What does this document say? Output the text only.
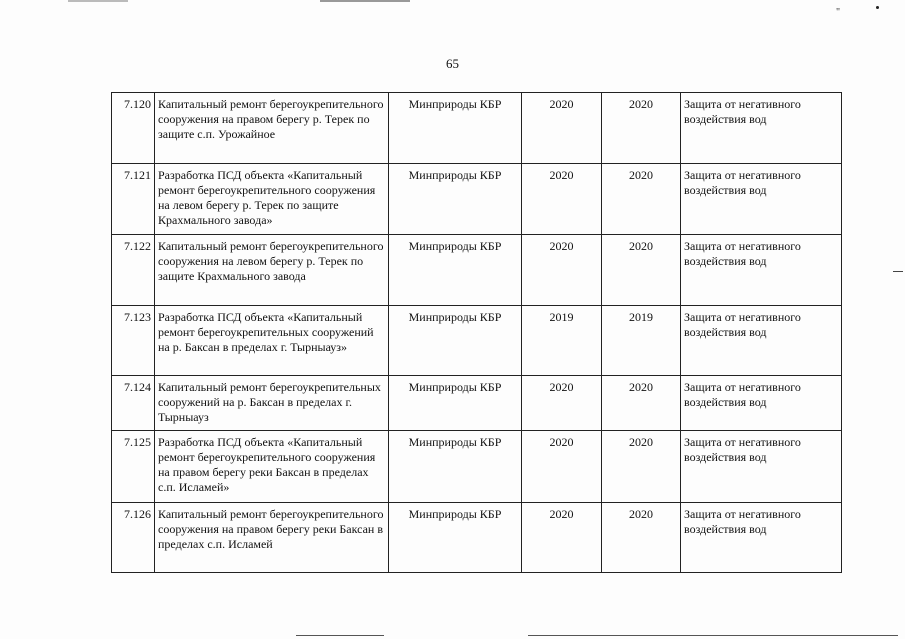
"
65
7.120	Капитальный ремонт берегоукрепительного сооружения на правом берегу р. Терек по защите с.п. Урожайное	Минприроды КБР	2020	2020	Защита от негативного воздействия вод
7.121	Разработка ПСД объекта «Капитальный ремонт берегоукрепительного сооружения на левом берегу р. Терек по защите Крахмального завода»	Минприроды КБР	2020	2020	Защита от негативного воздействия вод
7.122	Капитальный ремонт берегоукрепительного сооружения на левом берегу р. Терек по защите Крахмального завода	Минприроды КБР	2020	2020	Защита от негативного воздействия вод
7.123	Разработка ПСД объекта «Капитальный ремонт берегоукрепительных сооружений на р. Баксан в пределах г. Тырныауз»	Минприроды КБР	2019	2019	Защита от негативного воздействия вод
7.124	Капитальный ремонт берегоукрепительных сооружений на р. Баксан в пределах г. Тырныауз	Минприроды КБР	2020	2020	Защита от негативного воздействия вод
7.125	Разработка ПСД объекта «Капитальный ремонт берегоукрепительного сооружения на правом берегу реки Баксан в пределах с.п. Исламей»	Минприроды КБР	2020	2020	Защита от негативного воздействия вод
7.126	Капитальный ремонт берегоукрепительного сооружения на правом берегу реки Баксан в пределах с.п. Исламей	Минприроды КБР	2020	2020	Защита от негативного воздействия вод
